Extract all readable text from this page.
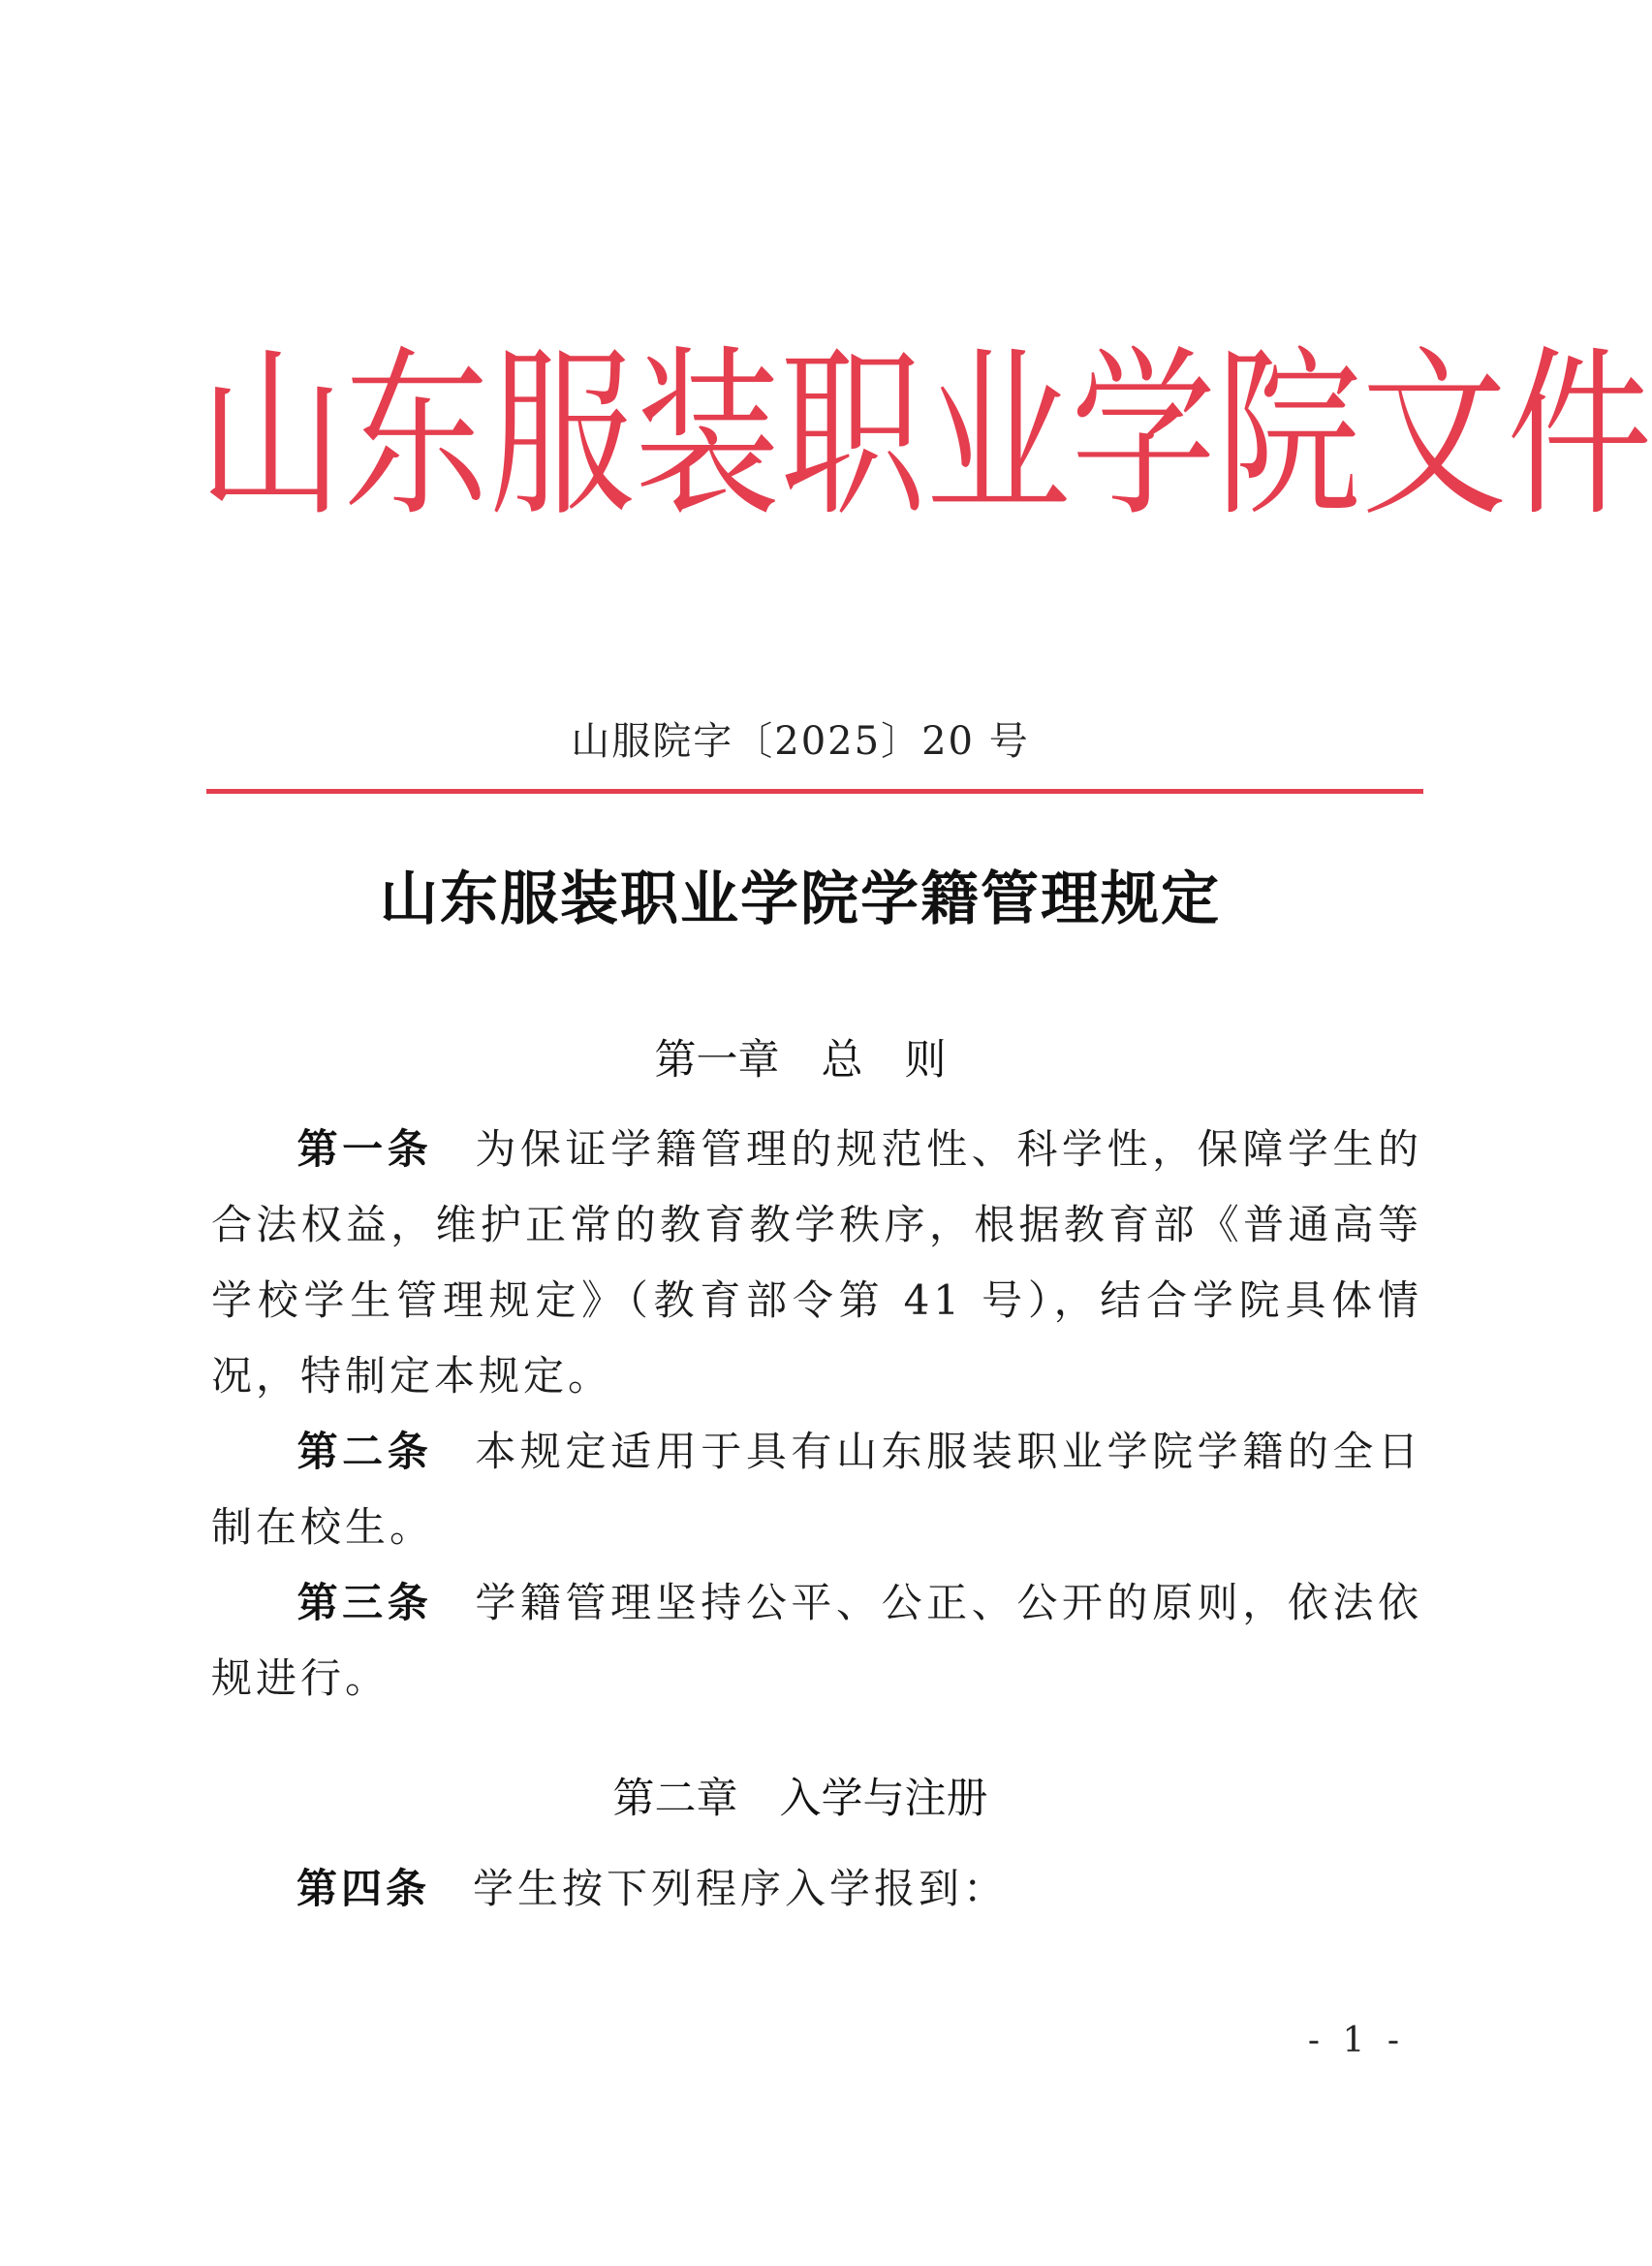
山 东 服 装 职 业 学 院 文 件
山服院字〔2025〕20 号
山东服装职业学院学籍管理规定
第一章　总　则
第一条 为保证学籍管理的规范性、科学性，保障学生的合法权益，维护正常的教育教学秩序，根据教育部《普通高等学校学生管理规定》（教育部令第 41 号），结合学院具体情况，特制定本规定。
第二条 本规定适用于具有山东服装职业学院学籍的全日制在校生。
第三条 学籍管理坚持公平、公正、公开的原则，依法依规进行。
第二章　入学与注册
第四条 学生按下列程序入学报到：
- 1 -
